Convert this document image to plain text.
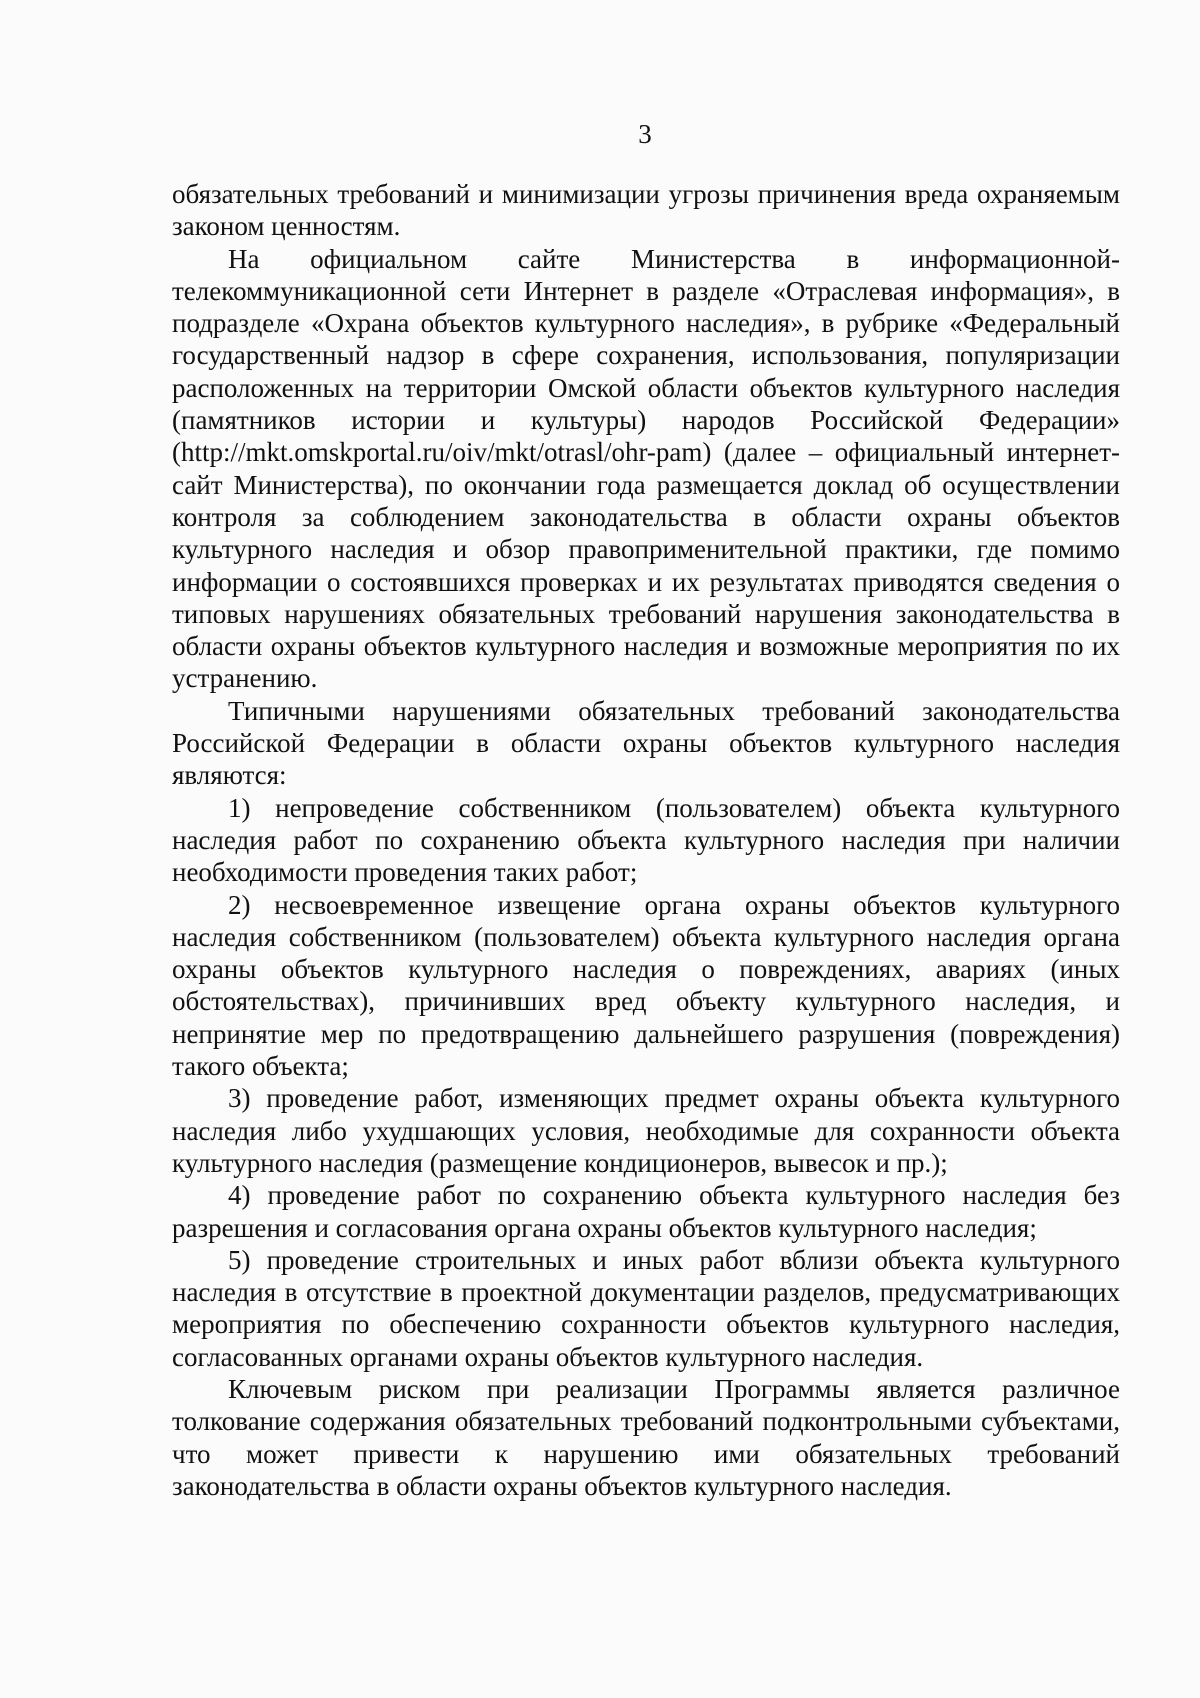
3

обязательных требований и минимизации угрозы причинения вреда охраняемым законом ценностям.

На официальном сайте Министерства в информационной-телекоммуникационной сети Интернет в разделе «Отраслевая информация», в подразделе «Охрана объектов культурного наследия», в рубрике «Федеральный государственный надзор в сфере сохранения, использования, популяризации расположенных на территории Омской области объектов культурного наследия (памятников истории и культуры) народов Российской Федерации» (http://mkt.omskportal.ru/oiv/mkt/otrasl/ohr-pam) (далее – официальный интернет-сайт Министерства), по окончании года размещается доклад об осуществлении контроля за соблюдением законодательства в области охраны объектов культурного наследия и обзор правоприменительной практики, где помимо информации о состоявшихся проверках и их результатах приводятся сведения о типовых нарушениях обязательных требований нарушения законодательства в области охраны объектов культурного наследия и возможные мероприятия по их устранению.

Типичными нарушениями обязательных требований законодательства Российской Федерации в области охраны объектов культурного наследия являются:

1) непроведение собственником (пользователем) объекта культурного наследия работ по сохранению объекта культурного наследия при наличии необходимости проведения таких работ;

2) несвоевременное извещение органа охраны объектов культурного наследия собственником (пользователем) объекта культурного наследия органа охраны объектов культурного наследия о повреждениях, авариях (иных обстоятельствах), причинивших вред объекту культурного наследия, и непринятие мер по предотвращению дальнейшего разрушения (повреждения) такого объекта;

3) проведение работ, изменяющих предмет охраны объекта культурного наследия либо ухудшающих условия, необходимые для сохранности объекта культурного наследия (размещение кондиционеров, вывесок и пр.);

4) проведение работ по сохранению объекта культурного наследия без разрешения и согласования органа охраны объектов культурного наследия;

5) проведение строительных и иных работ вблизи объекта культурного наследия в отсутствие в проектной документации разделов, предусматривающих мероприятия по обеспечению сохранности объектов культурного наследия, согласованных органами охраны объектов культурного наследия.

Ключевым риском при реализации Программы является различное толкование содержания обязательных требований подконтрольными субъектами, что может привести к нарушению ими обязательных требований законодательства в области охраны объектов культурного наследия.
